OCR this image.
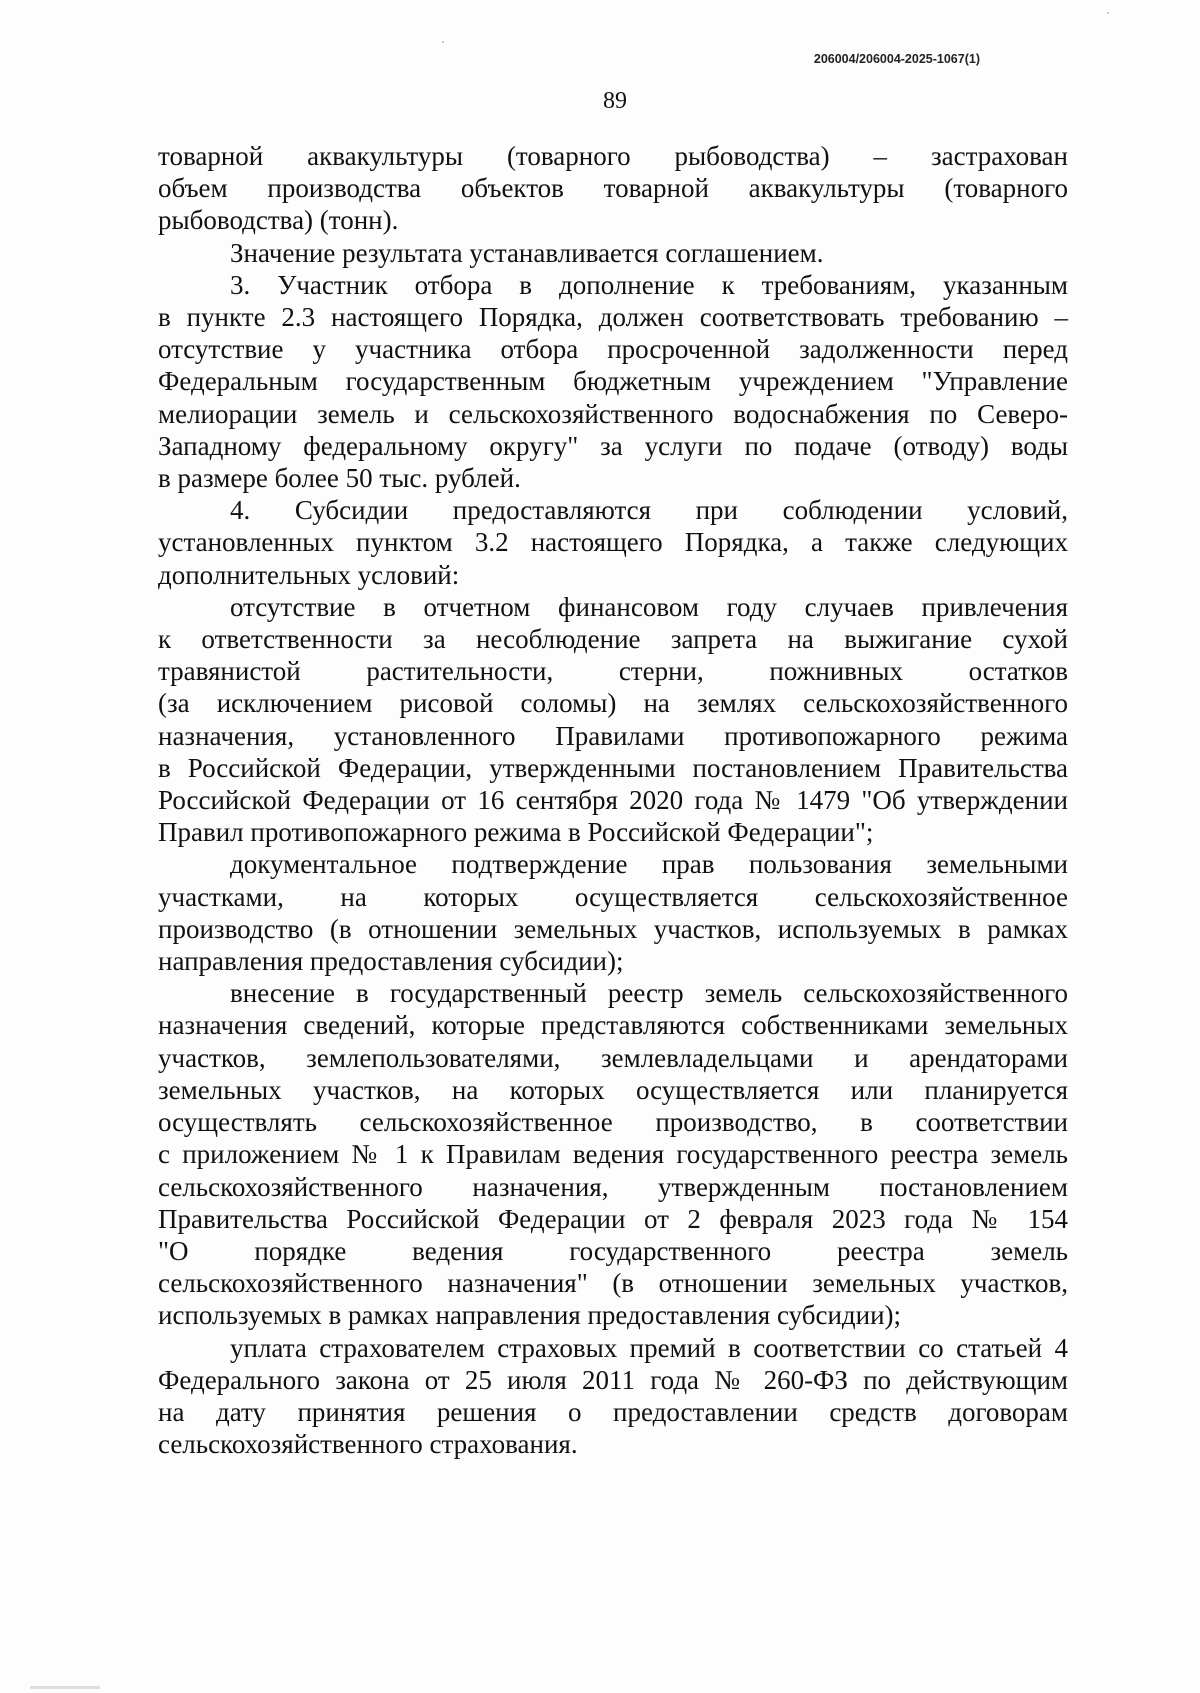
206004/206004-2025-1067(1)
89

товарной аквакультуры (товарного рыбоводства) – застрахован
объем производства объектов товарной аквакультуры (товарного
рыбоводства) (тонн).

Значение результата устанавливается соглашением.

3. Участник отбора в дополнение к требованиям, указанным
в пункте 2.3 настоящего Порядка, должен соответствовать требованию –
отсутствие у участника отбора просроченной задолженности перед
Федеральным государственным бюджетным учреждением "Управление
мелиорации земель и сельскохозяйственного водоснабжения по Северо-
Западному федеральному округу" за услуги по подаче (отводу) воды
в размере более 50 тыс. рублей.

4. Субсидии предоставляются при соблюдении условий,
установленных пунктом 3.2 настоящего Порядка, а также следующих
дополнительных условий:

отсутствие в отчетном финансовом году случаев привлечения
к ответственности за несоблюдение запрета на выжигание сухой
травянистой растительности, стерни, пожнивных остатков
(за исключением рисовой соломы) на землях сельскохозяйственного
назначения, установленного Правилами противопожарного режима
в Российской Федерации, утвержденными постановлением Правительства
Российской Федерации от 16 сентября 2020 года № 1479 "Об утверждении
Правил противопожарного режима в Российской Федерации";

документальное подтверждение прав пользования земельными
участками, на которых осуществляется сельскохозяйственное
производство (в отношении земельных участков, используемых в рамках
направления предоставления субсидии);

внесение в государственный реестр земель сельскохозяйственного
назначения сведений, которые представляются собственниками земельных
участков, землепользователями, землевладельцами и арендаторами
земельных участков, на которых осуществляется или планируется
осуществлять сельскохозяйственное производство, в соответствии
с приложением № 1 к Правилам ведения государственного реестра земель
сельскохозяйственного назначения, утвержденным постановлением
Правительства Российской Федерации от 2 февраля 2023 года № 154
"О порядке ведения государственного реестра земель
сельскохозяйственного назначения" (в отношении земельных участков,
используемых в рамках направления предоставления субсидии);

уплата страхователем страховых премий в соответствии со статьей 4
Федерального закона от 25 июля 2011 года № 260-ФЗ по действующим
на дату принятия решения о предоставлении средств договорам
сельскохозяйственного страхования.
